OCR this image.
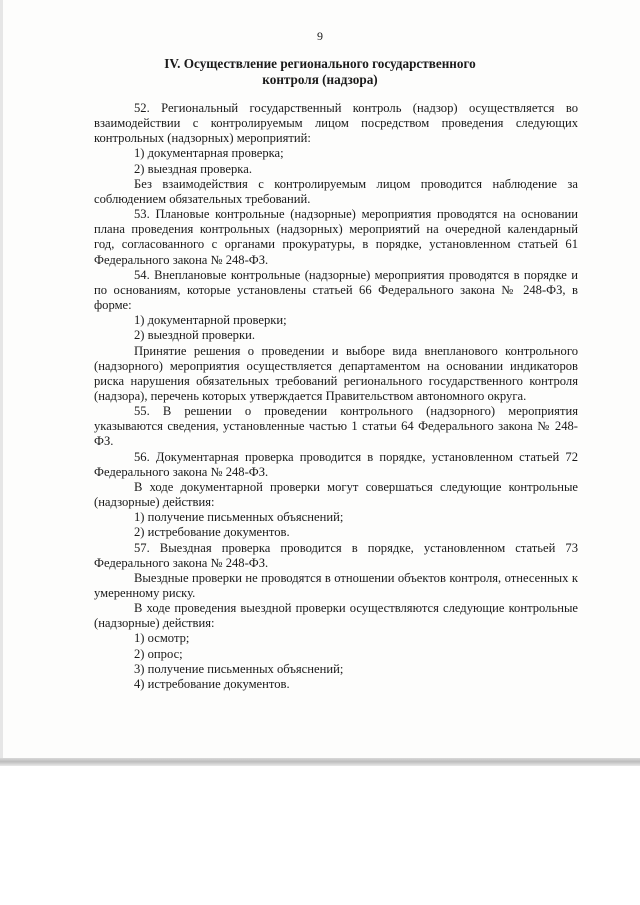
9
IV. Осуществление регионального государственного
контроля (надзора)

52. Региональный государственный контроль (надзор) осуществляется во взаимодействии с контролируемым лицом посредством проведения следующих контрольных (надзорных) мероприятий:

1) документарная проверка;

2) выездная проверка.

Без взаимодействия с контролируемым лицом проводится наблюдение за соблюдением обязательных требований.

53. Плановые контрольные (надзорные) мероприятия проводятся на основании плана проведения контрольных (надзорных) мероприятий на очередной календарный год, согласованного с органами прокуратуры, в порядке, установленном статьей 61 Федерального закона № 248-ФЗ.

54. Внеплановые контрольные (надзорные) мероприятия проводятся в порядке и по основаниям, которые установлены статьей 66 Федерального закона № 248-ФЗ, в форме:

1) документарной проверки;

2) выездной проверки.

Принятие решения о проведении и выборе вида внепланового контрольного (надзорного) мероприятия осуществляется департаментом на основании индикаторов риска нарушения обязательных требований регионального государственного контроля (надзора), перечень которых утверждается Правительством автономного округа.

55. В решении о проведении контрольного (надзорного) мероприятия указываются сведения, установленные частью 1 статьи 64 Федерального закона № 248-ФЗ.

56. Документарная проверка проводится в порядке, установленном статьей 72 Федерального закона № 248-ФЗ.

В ходе документарной проверки могут совершаться следующие контрольные (надзорные) действия:

1) получение письменных объяснений;

2) истребование документов.

57. Выездная проверка проводится в порядке, установленном статьей 73 Федерального закона № 248-ФЗ.

Выездные проверки не проводятся в отношении объектов контроля, отнесенных к умеренному риску.

В ходе проведения выездной проверки осуществляются следующие контрольные (надзорные) действия:

1) осмотр;

2) опрос;

3) получение письменных объяснений;

4) истребование документов.
